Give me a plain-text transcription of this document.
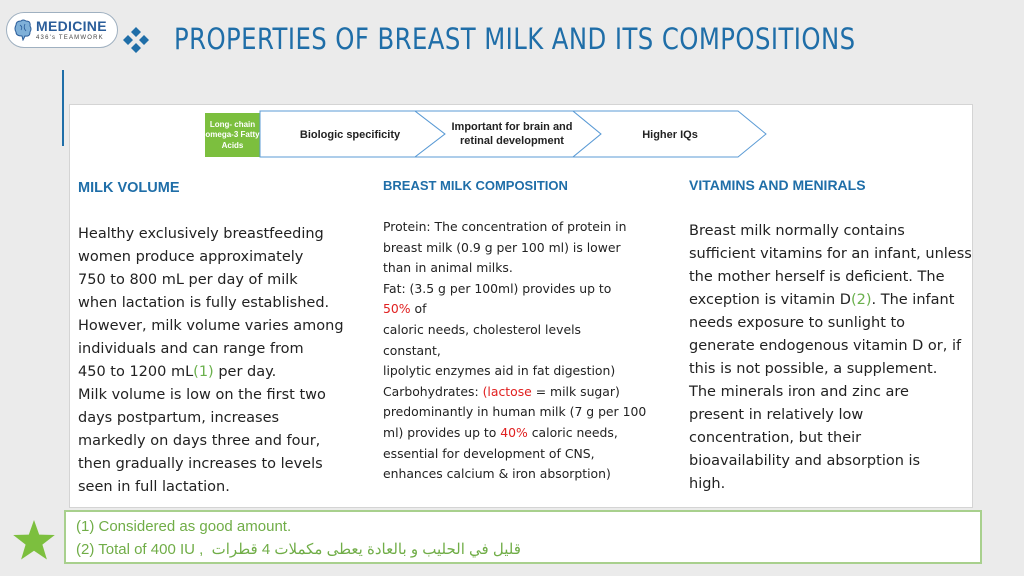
MEDICINE
436's TEAMWORK PROPERTIES OF BREAST MILK AND ITS COMPOSITIONS
Long- chain
omega-3 Fatty
Acids
Biologic specificity
Important for brain and
retinal development
Higher IQs
MILK VOLUME	BREAST MILK COMPOSITION	VITAMINS AND MENIRALS
Healthy exclusively breastfeeding
women produce approximately
750 to 800 mL per day of milk
when lactation is fully established.
However, milk volume varies among
individuals and can range from
450 to 1200 mL(1) per day.
Milk volume is low on the first two
days postpartum, increases
markedly on days three and four,
then gradually increases to levels
seen in full lactation.
Protein: The concentration of protein in
breast milk (0.9 g per 100 ml) is lower
than in animal milks.
Fat: (3.5 g per 100ml) provides up to
50% of
caloric needs, cholesterol levels
constant,
lipolytic enzymes aid in fat digestion)
Carbohydrates: (lactose = milk sugar)
predominantly in human milk (7 g per 100
ml) provides up to 40% caloric needs,
essential for development of CNS,
enhances calcium & iron absorption)
Breast milk normally contains
sufficient vitamins for an infant, unless
the mother herself is deficient. The
exception is vitamin D(2). The infant
needs exposure to sunlight to
generate endogenous vitamin D or, if
this is not possible, a supplement.
The minerals iron and zinc are
present in relatively low
concentration, but their
bioavailability and absorption is
high.
(1) Considered as good amount.
(2) Total of 400 IU , قليل في الحليب و بالعادة يعطى مكملات 4 قطرات
